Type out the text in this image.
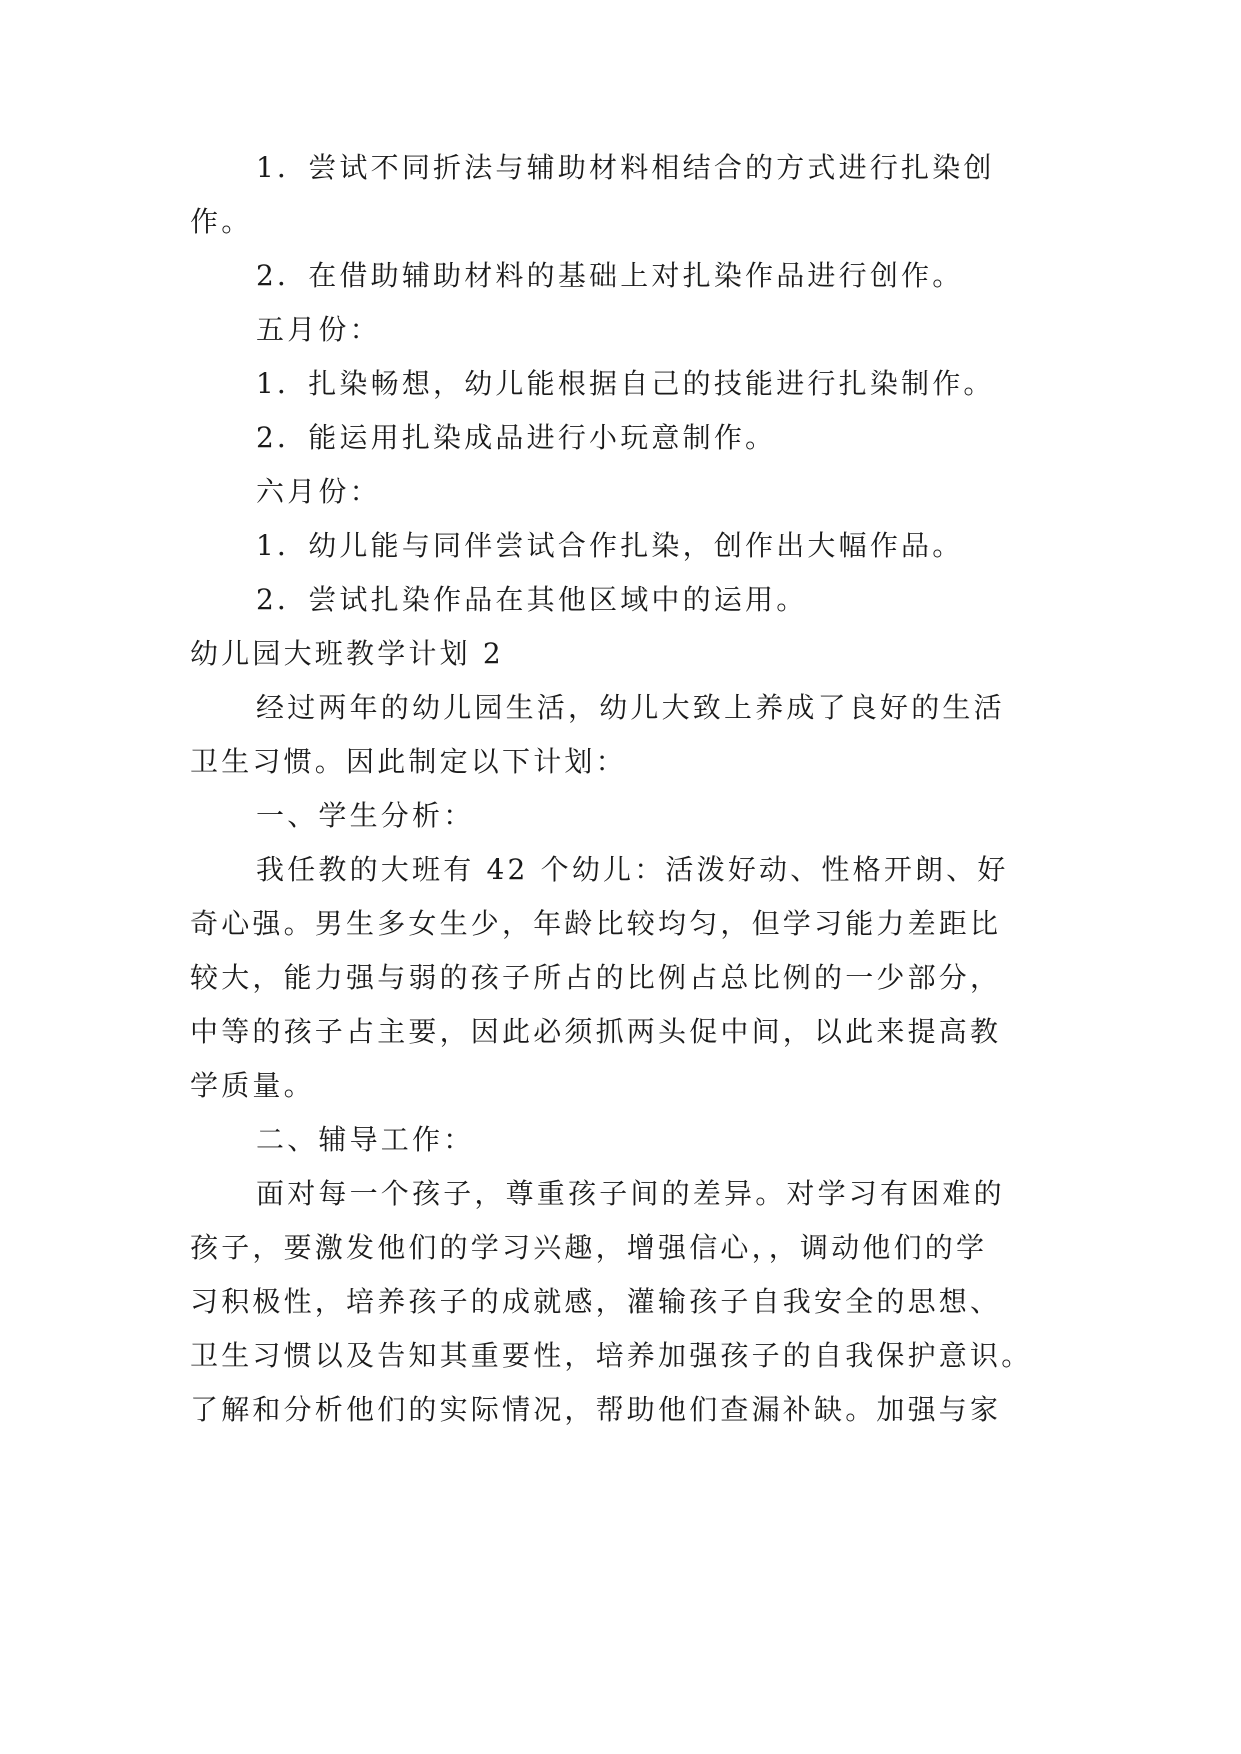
1．尝试不同折法与辅助材料相结合的方式进行扎染创

作。

2．在借助辅助材料的基础上对扎染作品进行创作。

五月份：

1．扎染畅想，幼儿能根据自己的技能进行扎染制作。

2．能运用扎染成品进行小玩意制作。

六月份：

1．幼儿能与同伴尝试合作扎染，创作出大幅作品。

2．尝试扎染作品在其他区域中的运用。

幼儿园大班教学计划 2

经过两年的幼儿园生活，幼儿大致上养成了良好的生活

卫生习惯。因此制定以下计划：

一、学生分析：

我任教的大班有 42 个幼儿：活泼好动、性格开朗、好

奇心强。男生多女生少，年龄比较均匀，但学习能力差距比

较大，能力强与弱的孩子所占的比例占总比例的一少部分，

中等的孩子占主要，因此必须抓两头促中间，以此来提高教

学质量。

二、辅导工作：

面对每一个孩子，尊重孩子间的差异。对学习有困难的

孩子，要激发他们的学习兴趣，增强信心，，调动他们的学

习积极性，培养孩子的成就感，灌输孩子自我安全的思想、

卫生习惯以及告知其重要性，培养加强孩子的自我保护意识。

了解和分析他们的实际情况，帮助他们查漏补缺。加强与家
